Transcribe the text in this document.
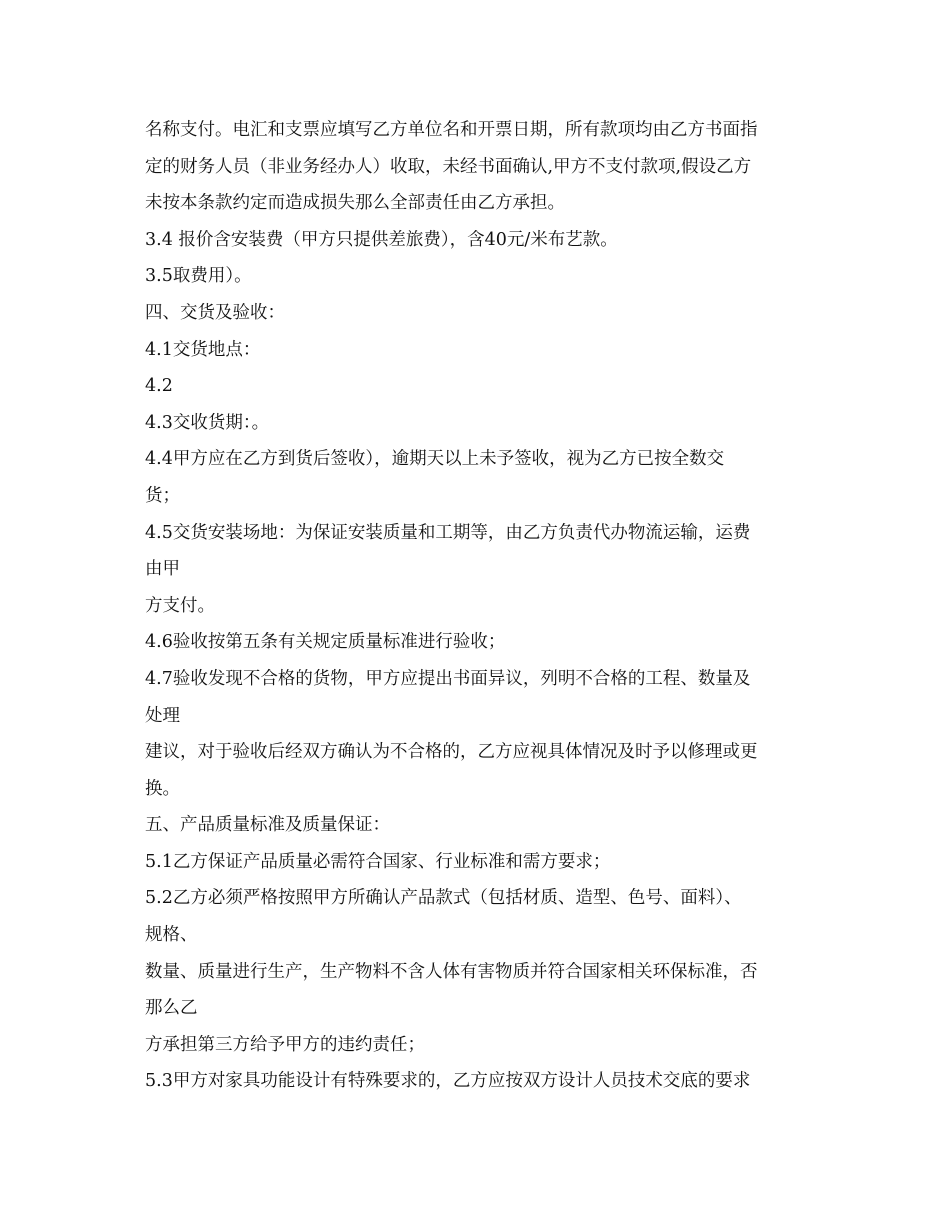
名称支付。电汇和支票应填写乙方单位名和开票日期，所有款项均由乙方书面指
定的财务人员（非业务经办人）收取，未经书面确认,甲方不支付款项,假设乙方
未按本条款约定而造成损失那么全部责任由乙方承担。
3.4 报价含安装费（甲方只提供差旅费），含40元/米布艺款。
3.5取费用）。
四、交货及验收：
4.1交货地点：
4.2
4.3交收货期：。
4.4甲方应在乙方到货后签收），逾期天以上未予签收，视为乙方已按全数交
货；
4.5交货安装场地：为保证安装质量和工期等，由乙方负责代办物流运输，运费
由甲
方支付。
4.6验收按第五条有关规定质量标准进行验收；
4.7验收发现不合格的货物，甲方应提出书面异议，列明不合格的工程、数量及
处理
建议，对于验收后经双方确认为不合格的，乙方应视具体情况及时予以修理或更
换。
五、产品质量标准及质量保证：
5.1乙方保证产品质量必需符合国家、行业标准和需方要求；
5.2乙方必须严格按照甲方所确认产品款式（包括材质、造型、色号、面料）、
规格、
数量、质量进行生产，生产物料不含人体有害物质并符合国家相关环保标准，否
那么乙
方承担第三方给予甲方的违约责任；
5.3甲方对家具功能设计有特殊要求的，乙方应按双方设计人员技术交底的要求
